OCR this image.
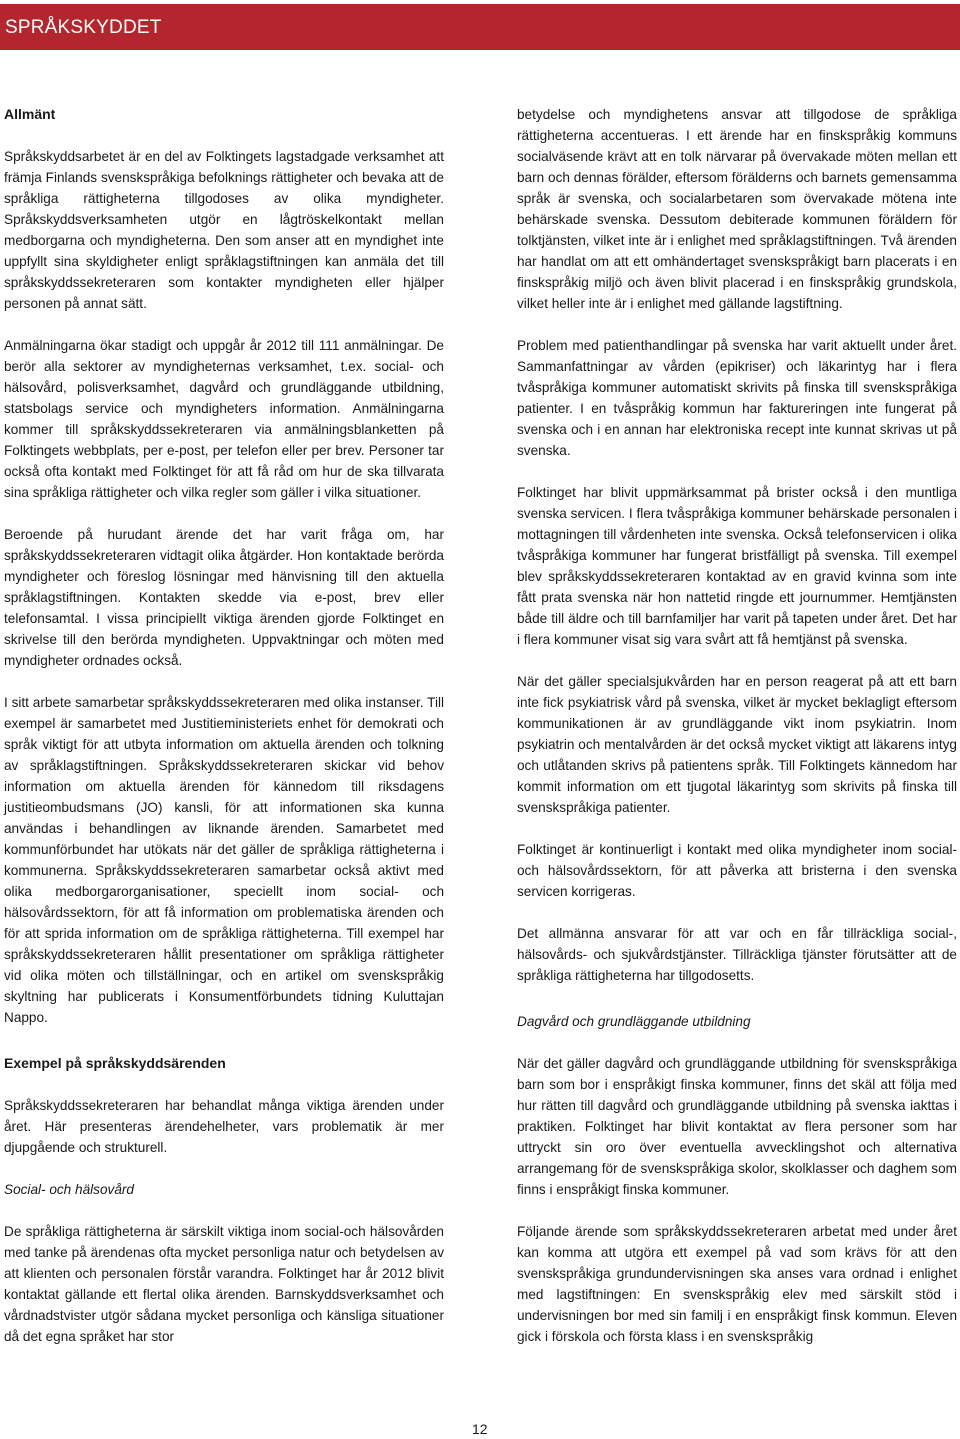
SPRÅKSKYDDET

Allmänt

Språkskyddsarbetet är en del av Folktingets lagstadgade verksamhet att främja Finlands svenskspråkiga befolknings rättigheter och bevaka att de språkliga rättigheterna tillgodoses av olika myndigheter. Språkskyddsverksamheten utgör en lågtröskelkontakt mellan medborgarna och myndigheterna. Den som anser att en myndighet inte uppfyllt sina skyldigheter enligt språklagstiftningen kan anmäla det till språkskyddssekreteraren som kontakter myndigheten eller hjälper personen på annat sätt.

Anmälningarna ökar stadigt och uppgår år 2012 till 111 anmälningar. De berör alla sektorer av myndigheternas verksamhet, t.ex. social- och hälsovård, polisverksamhet, dagvård och grundläggande utbildning, statsbolags service och myndigheters information. Anmälningarna kommer till språkskyddssekreteraren via anmälningsblanketten på Folktingets webbplats, per e-post, per telefon eller per brev. Personer tar också ofta kontakt med Folktinget för att få råd om hur de ska tillvarata sina språkliga rättigheter och vilka regler som gäller i vilka situationer.

Beroende på hurudant ärende det har varit fråga om, har språkskyddssekreteraren vidtagit olika åtgärder. Hon kontaktade berörda myndigheter och föreslog lösningar med hänvisning till den aktuella språklagstiftningen. Kontakten skedde via e-post, brev eller telefonsamtal. I vissa principiellt viktiga ärenden gjorde Folktinget en skrivelse till den berörda myndigheten. Uppvaktningar och möten med myndigheter ordnades också.

I sitt arbete samarbetar språkskyddssekreteraren med olika instanser. Till exempel är samarbetet med Justitieministeriets enhet för demokrati och språk viktigt för att utbyta information om aktuella ärenden och tolkning av språklagstiftningen. Språkskyddssekreteraren skickar vid behov information om aktuella ärenden för kännedom till riksdagens justitieombudsmans (JO) kansli, för att informationen ska kunna användas i behandlingen av liknande ärenden. Samarbetet med kommunförbundet har utökats när det gäller de språkliga rättigheterna i kommunerna. Språkskyddssekreteraren samarbetar också aktivt med olika medborgarorganisationer, speciellt inom social- och hälsovårdssektorn, för att få information om problematiska ärenden och för att sprida information om de språkliga rättigheterna. Till exempel har språkskyddssekreteraren hållit presentationer om språkliga rättigheter vid olika möten och tillställningar, och en artikel om svenskspråkig skyltning har publicerats i Konsumentförbundets tidning Kuluttajan Nappo.

Exempel på språkskyddsärenden

Språkskyddssekreteraren har behandlat många viktiga ärenden under året. Här presenteras ärendehelheter, vars problematik är mer djupgående och strukturell.

Social- och hälsovård

De språkliga rättigheterna är särskilt viktiga inom social-och hälsovården med tanke på ärendenas ofta mycket personliga natur och betydelsen av att klienten och personalen förstår varandra. Folktinget har år 2012 blivit kontaktat gällande ett flertal olika ärenden. Barnskyddsverksamhet och vårdnadstvister utgör sådana mycket personliga och känsliga situationer då det egna språket har stor

betydelse och myndighetens ansvar att tillgodose de språkliga rättigheterna accentueras. I ett ärende har en finskspråkig kommuns socialväsende krävt att en tolk närvarar på övervakade möten mellan ett barn och dennas förälder, eftersom förälderns och barnets gemensamma språk är svenska, och socialarbetaren som övervakade mötena inte behärskade svenska. Dessutom debiterade kommunen föräldern för tolktjänsten, vilket inte är i enlighet med språklagstiftningen. Två ärenden har handlat om att ett omhändertaget svenskspråkigt barn placerats i en finskspråkig miljö och även blivit placerad i en finskspråkig grundskola, vilket heller inte är i enlighet med gällande lagstiftning.

Problem med patienthandlingar på svenska har varit aktuellt under året. Sammanfattningar av vården (epikriser) och läkarintyg har i flera tvåspråkiga kommuner automatiskt skrivits på finska till svenskspråkiga patienter. I en tvåspråkig kommun har faktureringen inte fungerat på svenska och i en annan har elektroniska recept inte kunnat skrivas ut på svenska.

Folktinget har blivit uppmärksammat på brister också i den muntliga svenska servicen. I flera tvåspråkiga kommuner behärskade personalen i mottagningen till vårdenheten inte svenska. Också telefonservicen i olika tvåspråkiga kommuner har fungerat bristfälligt på svenska. Till exempel blev språkskyddssekreteraren kontaktad av en gravid kvinna som inte fått prata svenska när hon nattetid ringde ett journummer. Hemtjänsten både till äldre och till barnfamiljer har varit på tapeten under året. Det har i flera kommuner visat sig vara svårt att få hemtjänst på svenska.

När det gäller specialsjukvården har en person reagerat på att ett barn inte fick psykiatrisk vård på svenska, vilket är mycket beklagligt eftersom kommunikationen är av grundläggande vikt inom psykiatrin. Inom psykiatrin och mentalvården är det också mycket viktigt att läkarens intyg och utlåtanden skrivs på patientens språk. Till Folktingets kännedom har kommit information om ett tjugotal läkarintyg som skrivits på finska till svenskspråkiga patienter.

Folktinget är kontinuerligt i kontakt med olika myndigheter inom social- och hälsovårdssektorn, för att påverka att bristerna i den svenska servicen korrigeras.

Det allmänna ansvarar för att var och en får tillräckliga social-, hälsovårds- och sjukvårdstjänster. Tillräckliga tjänster förutsätter att de språkliga rättigheterna har tillgodosetts.

Dagvård och grundläggande utbildning

När det gäller dagvård och grundläggande utbildning för svenskspråkiga barn som bor i enspråkigt finska kommuner, finns det skäl att följa med hur rätten till dagvård och grundläggande utbildning på svenska iakttas i praktiken. Folktinget har blivit kontaktat av flera personer som har uttryckt sin oro över eventuella avvecklingshot och alternativa arrangemang för de svenskspråkiga skolor, skolklasser och daghem som finns i enspråkigt finska kommuner.

Följande ärende som språkskyddssekreteraren arbetat med under året kan komma att utgöra ett exempel på vad som krävs för att den svenskspråkiga grundundervisningen ska anses vara ordnad i enlighet med lagstiftningen: En svenskspråkig elev med särskilt stöd i undervisningen bor med sin familj i en enspråkigt finsk kommun. Eleven gick i förskola och första klass i en svenskspråkig

12
